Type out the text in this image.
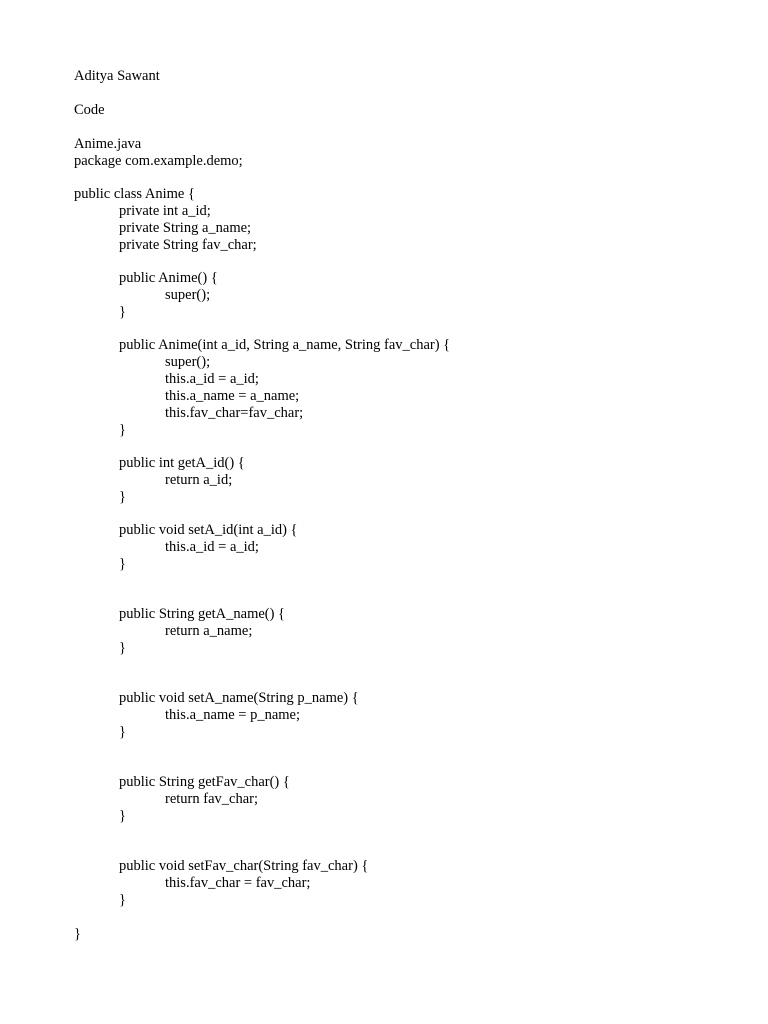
Aditya Sawant
Code
Anime.java
package com.example.demo;
public class Anime {
private int a_id;
private String a_name;
private String fav_char;
public Anime() {
super();
}
public Anime(int a_id, String a_name, String fav_char) {
super();
this.a_id = a_id;
this.a_name = a_name;
this.fav_char=fav_char;
}
public int getA_id() {
return a_id;
}
public void setA_id(int a_id) {
this.a_id = a_id;
}
public String getA_name() {
return a_name;
}
public void setA_name(String p_name) {
this.a_name = p_name;
}
public String getFav_char() {
return fav_char;
}
public void setFav_char(String fav_char) {
this.fav_char = fav_char;
}
}
